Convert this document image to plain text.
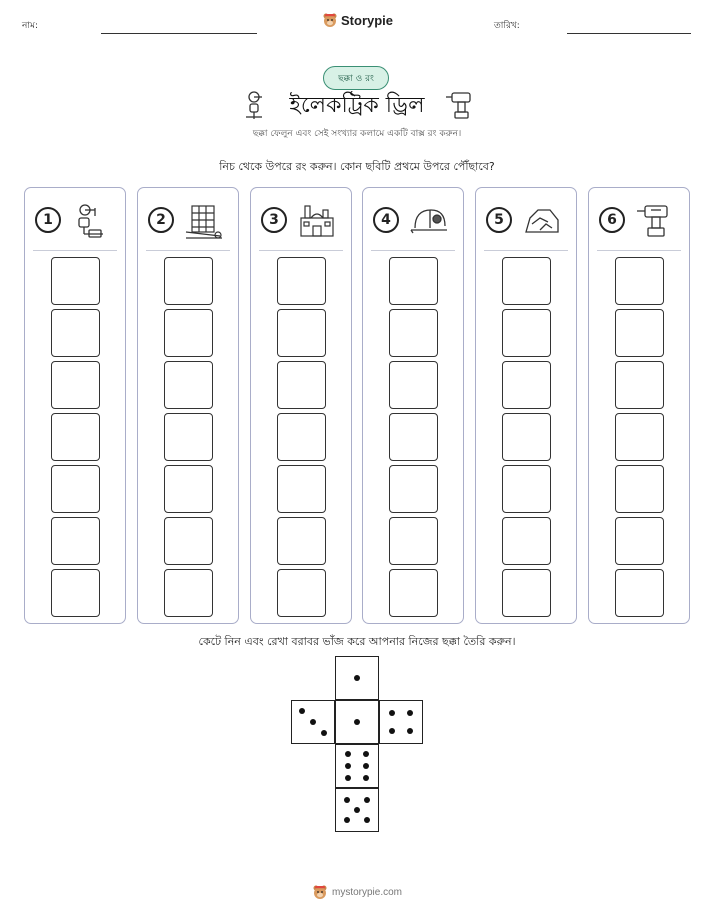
নাম:	Storypie	তারিখ:
ছক্কা ও রং
ইলেকট্রিক ড্রিল
ছক্কা ফেলুন এবং সেই সংখ্যার কলামে একটি বাক্স রং করুন।
নিচ থেকে উপরে রং করুন। কোন ছবিটি প্রথমে উপরে পৌঁছাবে?
1	2	3	4	5	6
কেটে নিন এবং রেখা বরাবর ভাঁজ করে আপনার নিজের ছক্কা তৈরি করুন।
mystorypie.com
